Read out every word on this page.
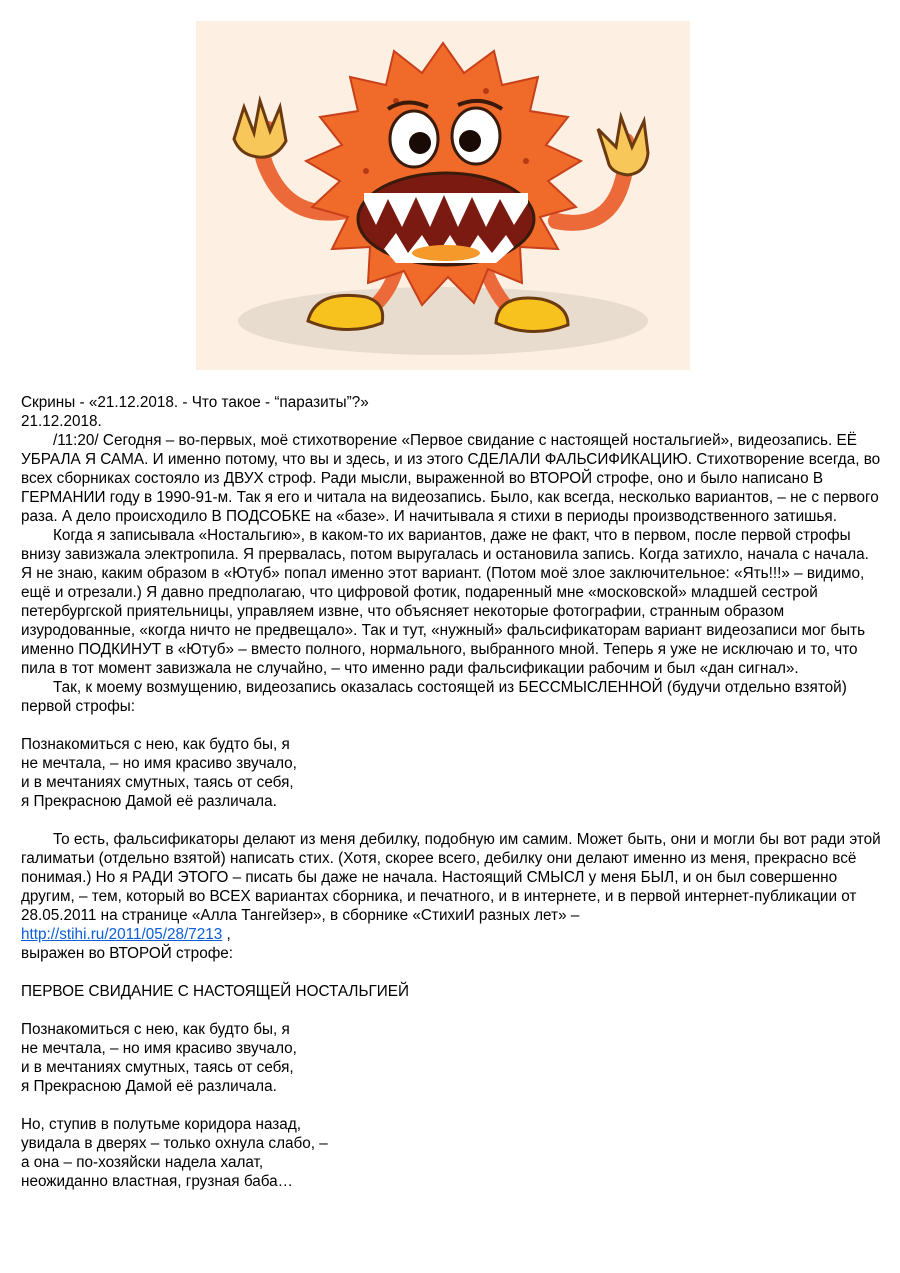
Скрины - «21.12.2018. - Что такое - “паразиты”?»

21.12.2018.

/11:20/ Сегодня – во-первых, моё стихотворение «Первое свидание с настоящей ностальгией», видеозапись. ЕЁ УБРАЛА Я САМА. И именно потому, что вы и здесь, и из этого СДЕЛАЛИ ФАЛЬСИФИКАЦИЮ. Стихотворение всегда, во всех сборниках состояло из ДВУХ строф. Ради мысли, выраженной во ВТОРОЙ строфе, оно и было написано В ГЕРМАНИИ году в 1990-91-м. Так я его и читала на видеозапись. Было, как всегда, несколько вариантов, – не с первого раза. А дело происходило В ПОДСОБКЕ на «базе». И начитывала я стихи в периоды производственного затишья.

Когда я записывала «Ностальгию», в каком-то их вариантов, даже не факт, что в первом, после первой строфы внизу завизжала электропила. Я прервалась, потом выругалась и остановила запись. Когда затихло, начала с начала. Я не знаю, каким образом в «Ютуб» попал именно этот вариант. (Потом моё злое заключительное: «Ять!!!» – видимо, ещё и отрезали.) Я давно предполагаю, что цифровой фотик, подаренный мне «московской» младшей сестрой петербургской приятельницы, управляем извне, что объясняет некоторые фотографии, странным образом изуродованные, «когда ничто не предвещало». Так и тут, «нужный» фальсификаторам вариант видеозаписи мог быть именно ПОДКИНУТ в «Ютуб» – вместо полного, нормального, выбранного мной. Теперь я уже не исключаю и то, что пила в тот момент завизжала не случайно, – что именно ради фальсификации рабочим и был «дан сигнал».

Так, к моему возмущению, видеозапись оказалась состоящей из БЕССМЫСЛЕННОЙ (будучи отдельно взятой) первой строфы:

Познакомиться с нею, как будто бы, я

не мечтала, – но имя красиво звучало,

и в мечтаниях смутных, таясь от себя,

я Прекрасною Дамой её различала.

То есть, фальсификаторы делают из меня дебилку, подобную им самим. Может быть, они и могли бы вот ради этой галиматьи (отдельно взятой) написать стих. (Хотя, скорее всего, дебилку они делают именно из меня, прекрасно всё понимая.) Но я РАДИ ЭТОГО – писать бы даже не начала. Настоящий СМЫСЛ у меня БЫЛ, и он был совершенно другим, – тем, который во ВСЕХ вариантах сборника, и печатного, и в интернете, и в первой интернет-публикации от 28.05.2011 на странице «Алла Тангейзер», в сборнике «СтихиИ разных лет» –

http://stihi.ru/2011/05/28/7213 ,

выражен во ВТОРОЙ строфе:

ПЕРВОЕ СВИДАНИЕ С НАСТОЯЩЕЙ НОСТАЛЬГИЕЙ

Познакомиться с нею, как будто бы, я

не мечтала, – но имя красиво звучало,

и в мечтаниях смутных, таясь от себя,

я Прекрасною Дамой её различала.

Но, ступив в полутьме коридора назад,

увидала в дверях – только охнула слабо, –

а она – по-хозяйски надела халат,

неожиданно властная, грузная баба…
